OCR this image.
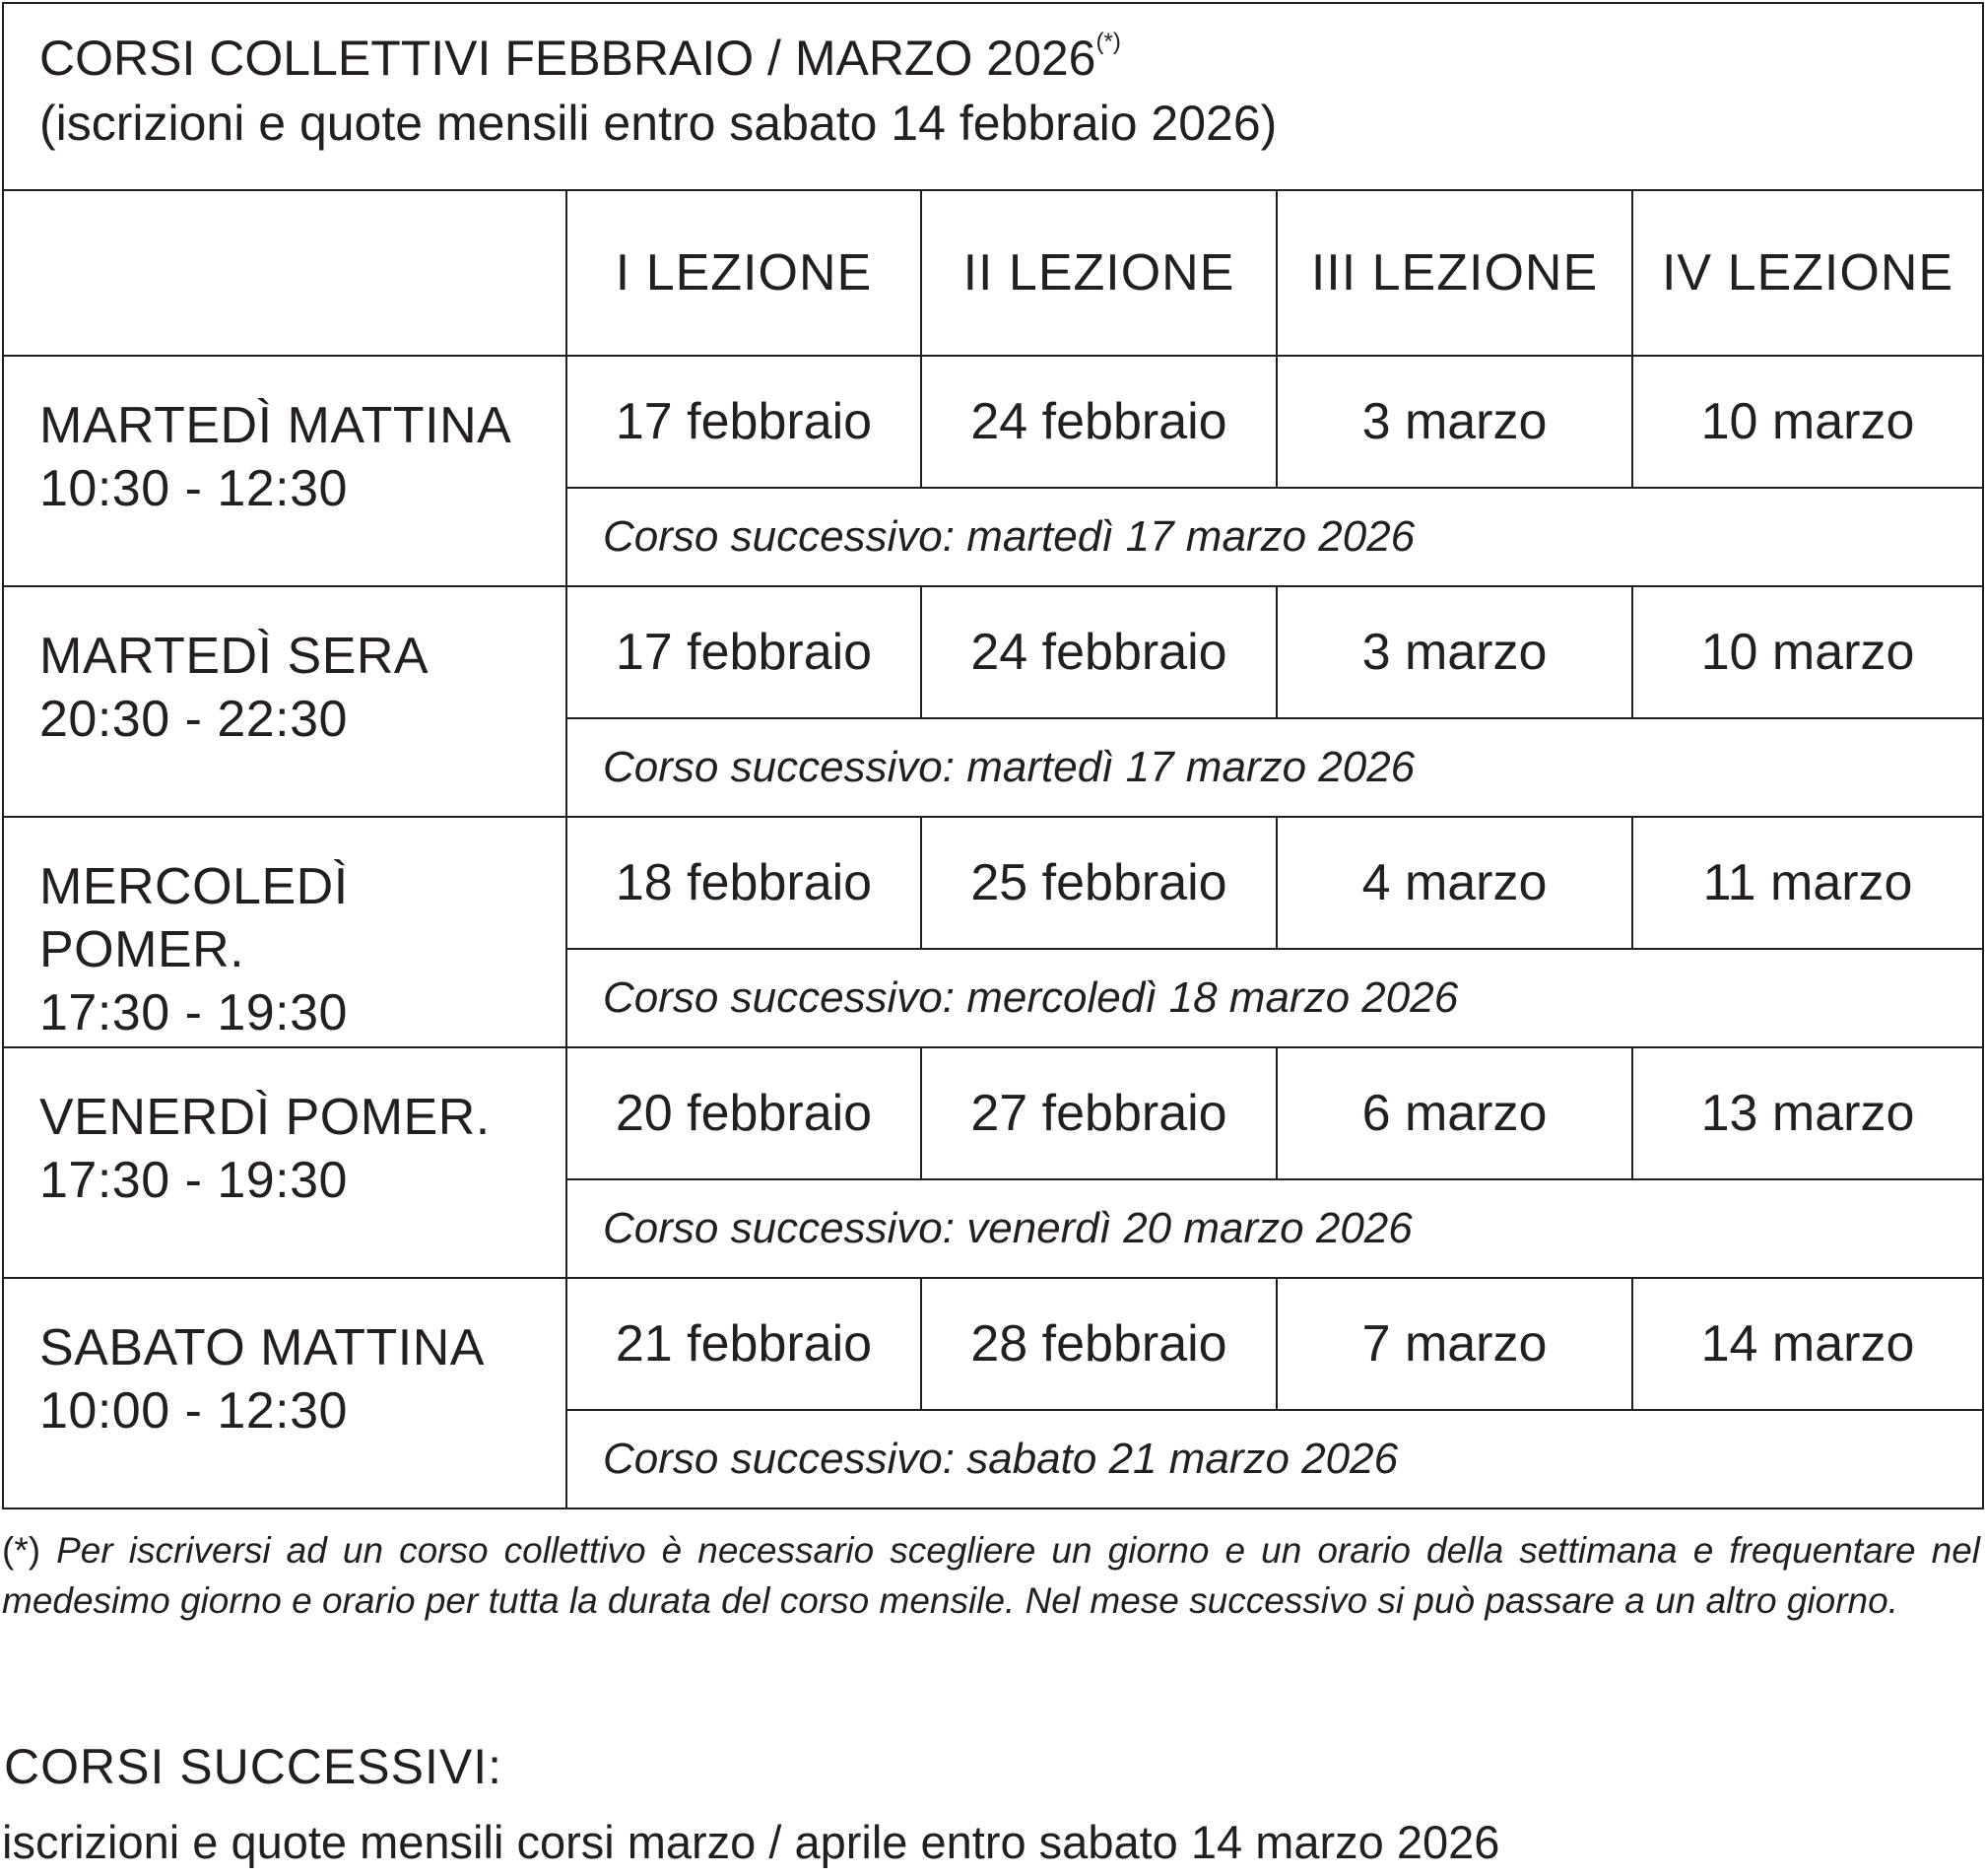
CORSI COLLETTIVI FEBBRAIO / MARZO 2026(*)
(iscrizioni e quote mensili entro sabato 14 febbraio 2026)				

	I LEZIONE	II LEZIONE	III LEZIONE	IV LEZIONE

MARTEDÌ MATTINA
10:30 - 12:30	17 febbraio	24 febbraio	3 marzo	10 marzo
	Corso successivo: martedì 17 marzo 2026			

MARTEDÌ SERA
20:30 - 22:30	17 febbraio	24 febbraio	3 marzo	10 marzo
	Corso successivo: martedì 17 marzo 2026			

MERCOLEDÌ POMER.
17:30 - 19:30	18 febbraio	25 febbraio	4 marzo	11 marzo
	Corso successivo: mercoledì 18 marzo 2026			

VENERDÌ POMER.
17:30 - 19:30	20 febbraio	27 febbraio	6 marzo	13 marzo
	Corso successivo: venerdì 20 marzo 2026			

SABATO MATTINA
10:00 - 12:30	21 febbraio	28 febbraio	7 marzo	14 marzo
	Corso successivo: sabato 21 marzo 2026			
(*) Per iscriversi ad un corso collettivo è necessario scegliere un giorno e un orario della settimana e frequentare nel medesimo giorno e orario per tutta la durata del corso mensile. Nel mese successivo si può passare a un altro giorno.
CORSI SUCCESSIVI:
iscrizioni e quote mensili corsi marzo / aprile entro sabato 14 marzo 2026
